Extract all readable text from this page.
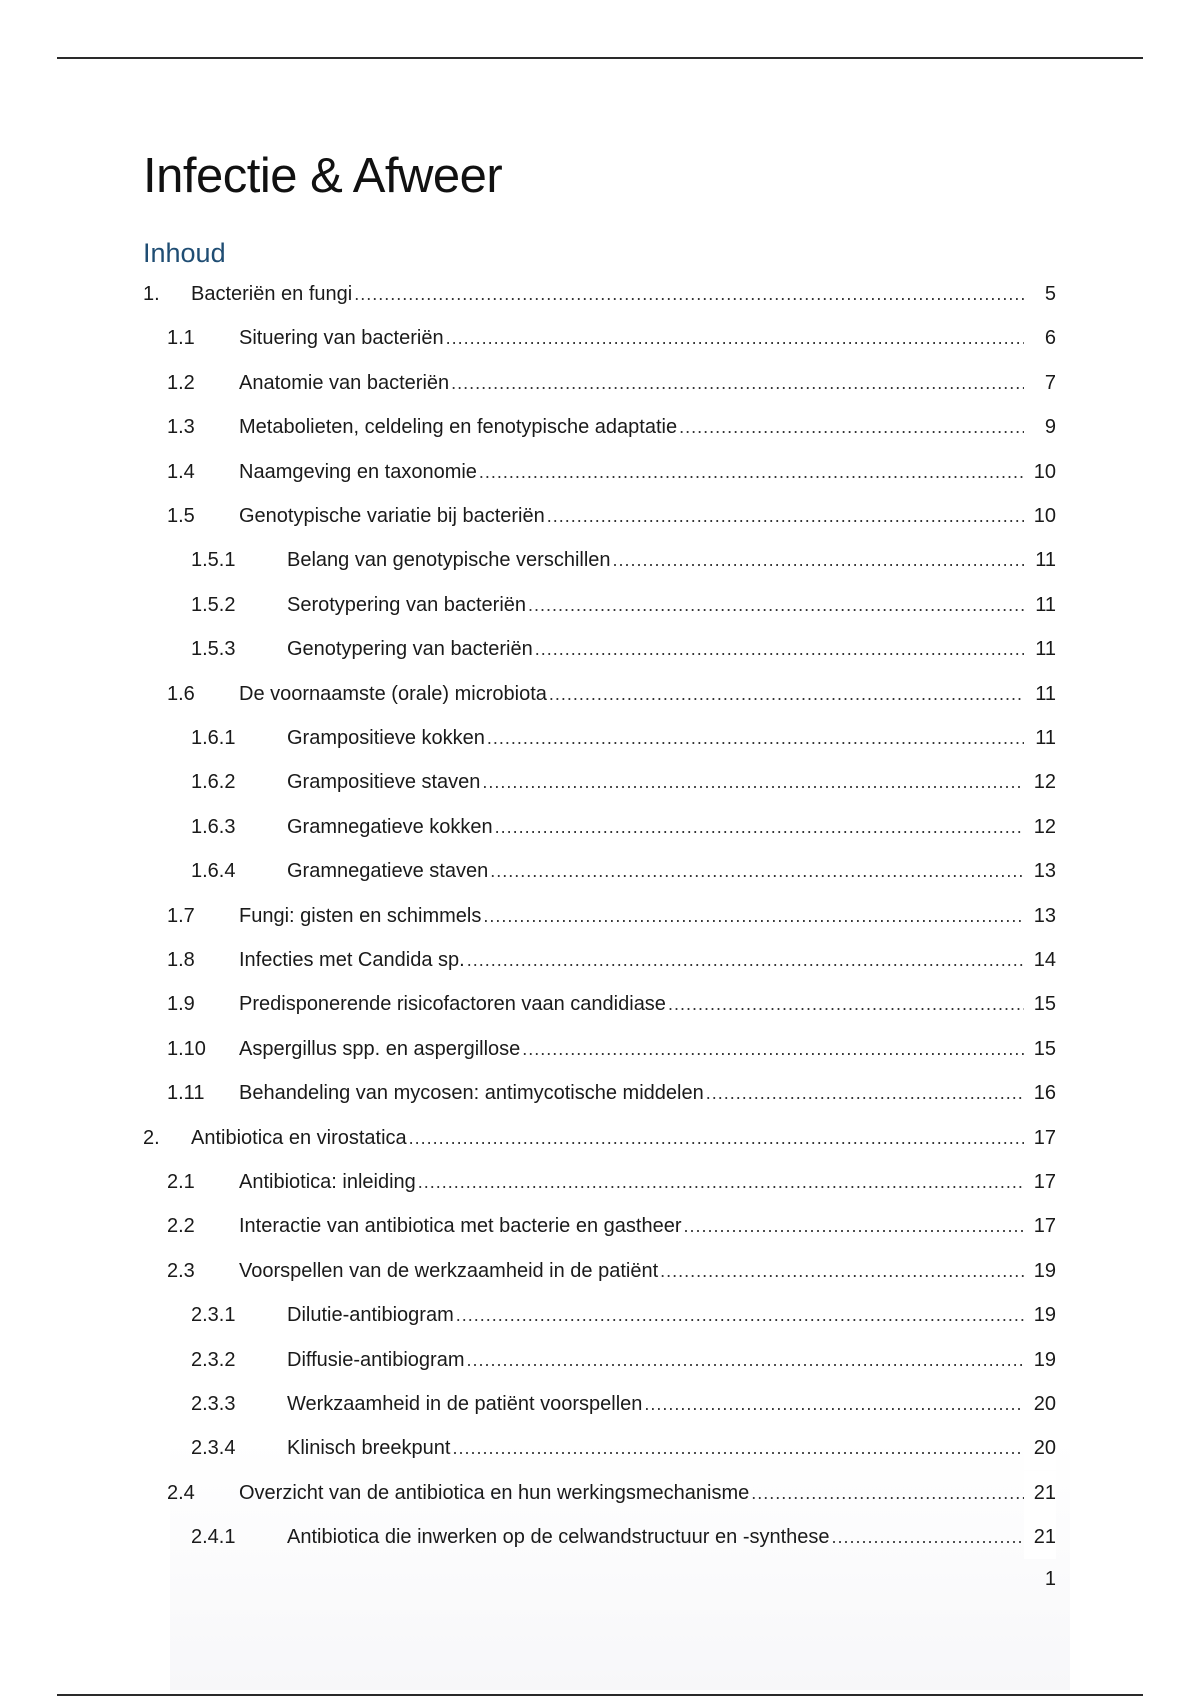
Infectie & Afweer
Inhoud
1. Bacteriën en fungi .....	5
1.1 Situering van bacteriën .....	6
1.2 Anatomie van bacteriën .....	7
1.3 Metabolieten, celdeling en fenotypische adaptatie .....	9
1.4 Naamgeving en taxonomie .....	10
1.5 Genotypische variatie bij bacteriën .....	10
1.5.1	Belang van genotypische verschillen .....	11
1.5.2	Serotypering van bacteriën .....	11
1.5.3	Genotypering van bacteriën .....	11
1.6 De voornaamste (orale) microbiota .....	11
1.6.1	Grampositieve kokken .....	11
1.6.2	Grampositieve staven .....	12
1.6.3	Gramnegatieve kokken .....	12
1.6.4	Gramnegatieve staven .....	13
1.7 Fungi: gisten en schimmels .....	13
1.8 Infecties met Candida sp. .....	14
1.9 Predisponerende risicofactoren vaan candidiase .....	15
1.10 Aspergillus spp. en aspergillose .....	15
1.11 Behandeling van mycosen: antimycotische middelen .....	16
2. Antibiotica en virostatica .....	17
2.1 Antibiotica: inleiding .....	17
2.2 Interactie van antibiotica met bacterie en gastheer .....	17
2.3 Voorspellen van de werkzaamheid in de patiënt .....	19
2.3.1	Dilutie-antibiogram .....	19
2.3.2	Diffusie-antibiogram .....	19
2.3.3	Werkzaamheid in de patiënt voorspellen .....	20
2.3.4	Klinisch breekpunt .....	20
2.4 Overzicht van de antibiotica en hun werkingsmechanisme .....	21
2.4.1	Antibiotica die inwerken op de celwandstructuur en -synthese .....	21
1
